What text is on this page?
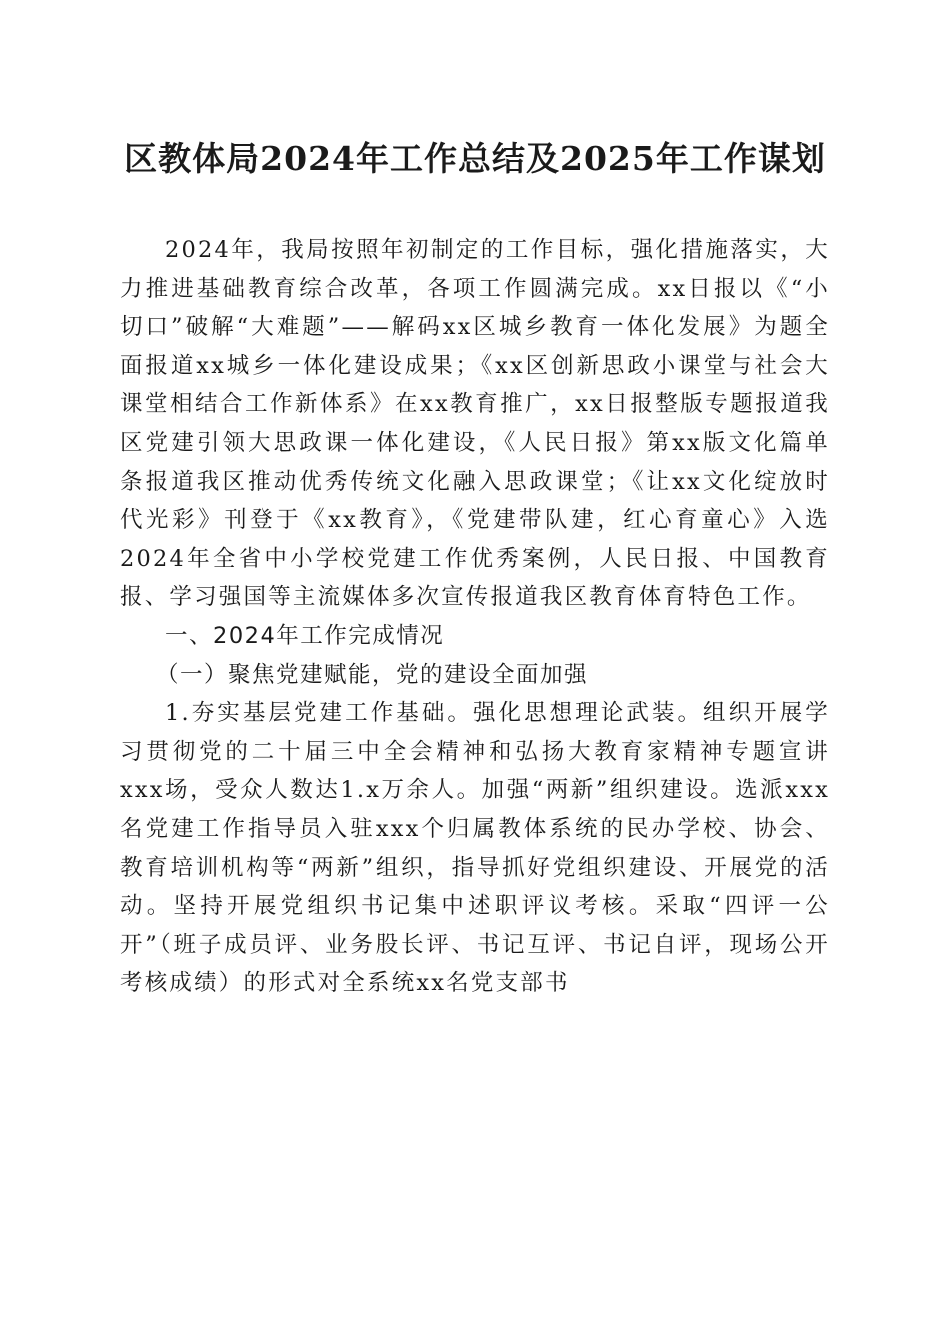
区教体局2024年工作总结及2025年工作谋划

2024年，我局按照年初制定的工作目标，强化措施落实，大力推进基础教育综合改革，各项工作圆满完成。xx日报以《“小切口”破解“大难题”——解码xx区城乡教育一体化发展》为题全面报道xx城乡一体化建设成果；《xx区创新思政小课堂与社会大课堂相结合工作新体系》在xx教育推广，xx日报整版专题报道我区党建引领大思政课一体化建设，《人民日报》第xx版文化篇单条报道我区推动优秀传统文化融入思政课堂；《让xx文化绽放时代光彩》刊登于《xx教育》，《党建带队建，红心育童心》入选2024年全省中小学校党建工作优秀案例，人民日报、中国教育报、学习强国等主流媒体多次宣传报道我区教育体育特色工作。

一、2024年工作完成情况

（一）聚焦党建赋能，党的建设全面加强

1.夯实基层党建工作基础。强化思想理论武装。组织开展学习贯彻党的二十届三中全会精神和弘扬大教育家精神专题宣讲xxx场，受众人数达1.x万余人。加强“两新”组织建设。选派xxx名党建工作指导员入驻xxx个归属教体系统的民办学校、协会、教育培训机构等“两新”组织，指导抓好党组织建设、开展党的活动。坚持开展党组织书记集中述职评议考核。采取“四评一公开”（班子成员评、业务股长评、书记互评、书记自评，现场公开考核成绩）的形式对全系统xx名党支部书
